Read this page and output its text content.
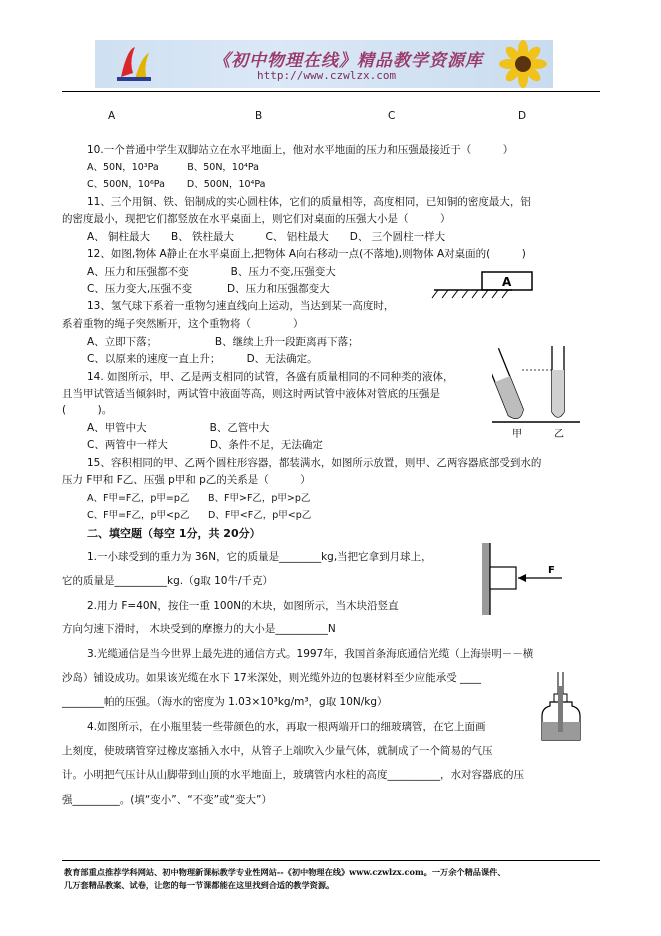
《初中物理在线》精品教学资源库
http://www.czwlzx.com
A	B	C	D
10.一个普通中学生双脚站立在水平地面上，他对水平地面的压力和压强最接近于（　　　）
A、50N，10³Pa　　　B、50N，10⁴Pa
C、500N，10⁶Pa　　 D、500N，10⁴Pa
11、三个用铜、铁、铝制成的实心圆柱体，它们的质量相等，高度相同，已知铜的密度最大，铝
的密度最小，现把它们都竖放在水平桌面上，则它们对桌面的压强大小是（　　　）
A、 铜柱最大　　B、 铁柱最大　　　C、 铝柱最大　　D、 三个圆柱一样大
12、如图,物体 A静止在水平桌面上,把物体 A向右移动一点(不落地),则物体 A对桌面的(　　　)
A、压力和压强都不变　　　　B、压力不变,压强变大
C、压力变大,压强不变　　　 D、压力和压强都变大	A
13、氢气球下系着一重物匀速直线向上运动，当达到某一高度时，
系着重物的绳子突然断开，这个重物将（　　　　）
A、立即下落；　　　　　　B、继续上升一段距离再下落；
C、以原来的速度一直上升；　　　D、无法确定。
甲	乙
14. 如图所示，甲、乙是两支相同的试管，各盛有质量相同的不同种类的液体，
且当甲试管适当倾斜时，两试管中液面等高，则这时两试管中液体对管底的压强是
(　　　)。
A、甲管中大　　　　　　B、乙管中大
C、两管中一样大　　　　D、条件不足，无法确定
15、容积相同的甲、乙两个圆柱形容器，都装满水，如图所示放置，则甲、乙两容器底部受到水的
压力 F甲和 F乙、压强 p甲和 p乙的关系是（　　　）
A、F甲=F乙，p甲=p乙 B、F甲>F乙，p甲>p乙
C、F甲=F乙，p甲<p乙 D、F甲<F乙，p甲<p乙
二、填空题（每空 1分，共 20分）
F
1.一小球受到的重力为 36N，它的质量是________kg,当把它拿到月球上，
它的质量是__________kg.（g取 10牛/千克）
2.用力 F=40N，按住一重 100N的木块，如图所示，当木块沿竖直
方向匀速下滑时， 木块受到的摩擦力的大小是__________N
3.光缆通信是当今世界上最先进的通信方式。1997年，我国首条海底通信光缆（上海崇明－－横
沙岛）铺设成功。如果该光缆在水下 17米深处，则光缆外边的包裹材料至少应能承受 ____
________帕的压强。（海水的密度为 1.03×10³kg/m³，g取 10N/kg）
4.如图所示，在小瓶里装一些带颜色的水，再取一根两端开口的细玻璃管，在它上面画
上刻度，使玻璃管穿过橡皮塞插入水中，从管子上端吹入少量气体，就制成了一个简易的气压
计。小明把气压计从山脚带到山顶的水平地面上，玻璃管内水柱的高度__________，水对容器底的压
强_________。(填“变小”、“不变”或“变大”）
教育部重点推荐学科网站、初中物理新课标教学专业性网站--《初中物理在线》www.czwlzx.com。一万余个精品课件、
几万套精品教案、试卷，让您的每一节课都能在这里找到合适的教学资源。
